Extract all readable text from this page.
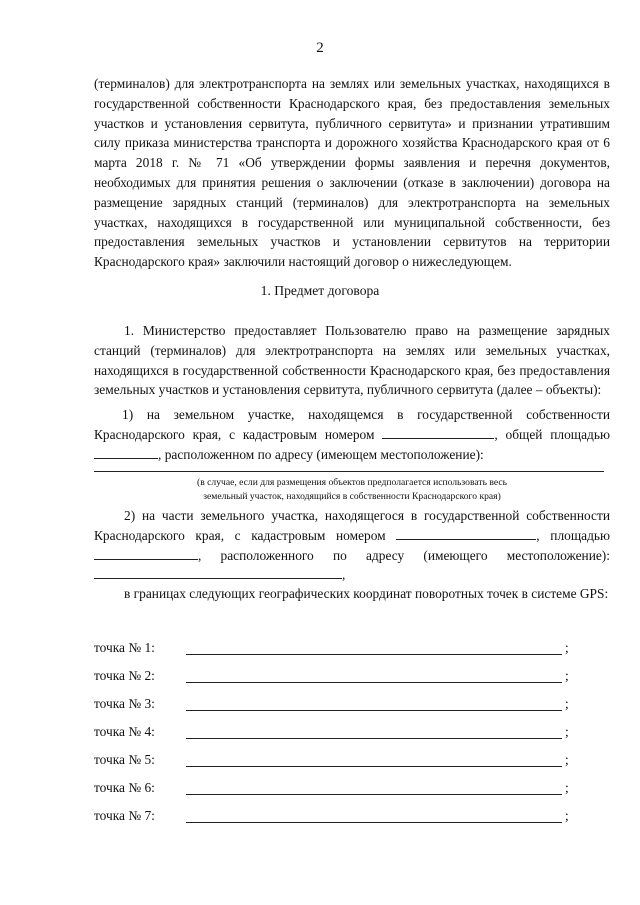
2
(терминалов) для электротранспорта на землях или земельных участках, находящихся в государственной собственности Краснодарского края, без предоставления земельных участков и установления сервитута, публичного сервитута» и признании утратившим силу приказа министерства транспорта и дорожного хозяйства Краснодарского края от 6 марта 2018 г. № 71 «Об утверждении формы заявления и перечня документов, необходимых для принятия решения о заключении (отказе в заключении) договора на размещение зарядных станций (терминалов) для электротранспорта на земельных участках, находящихся в государственной или муниципальной собственности, без предоставления земельных участков и установлении сервитутов на территории Краснодарского края» заключили настоящий договор о нижеследующем.
1. Предмет договора
1. Министерство предоставляет Пользователю право на размещение зарядных станций (терминалов) для электротранспорта на землях или земельных участках, находящихся в государственной собственности Краснодарского края, без предоставления земельных участков и установления сервитута, публичного сервитута (далее – объекты):
1) на земельном участке, находящемся в государственной собственности Краснодарского края, с кадастровым номером	, общей площадью , расположенном по адресу (имеющем местоположение):
(в случае, если для размещения объектов предполагается использовать весь
земельный участок, находящийся в собственности Краснодарского края)
2) на части земельного участка, находящегося в государственной собственности Краснодарского края, с кадастровым номером	, площадью , расположенного по адресу (имеющего местоположение): ,
в границах следующих географических координат поворотных точек в системе GPS:
точка № 1:	;
точка № 2:	;
точка № 3:	;
точка № 4:	;
точка № 5:	;
точка № 6:	;
точка № 7:	;
